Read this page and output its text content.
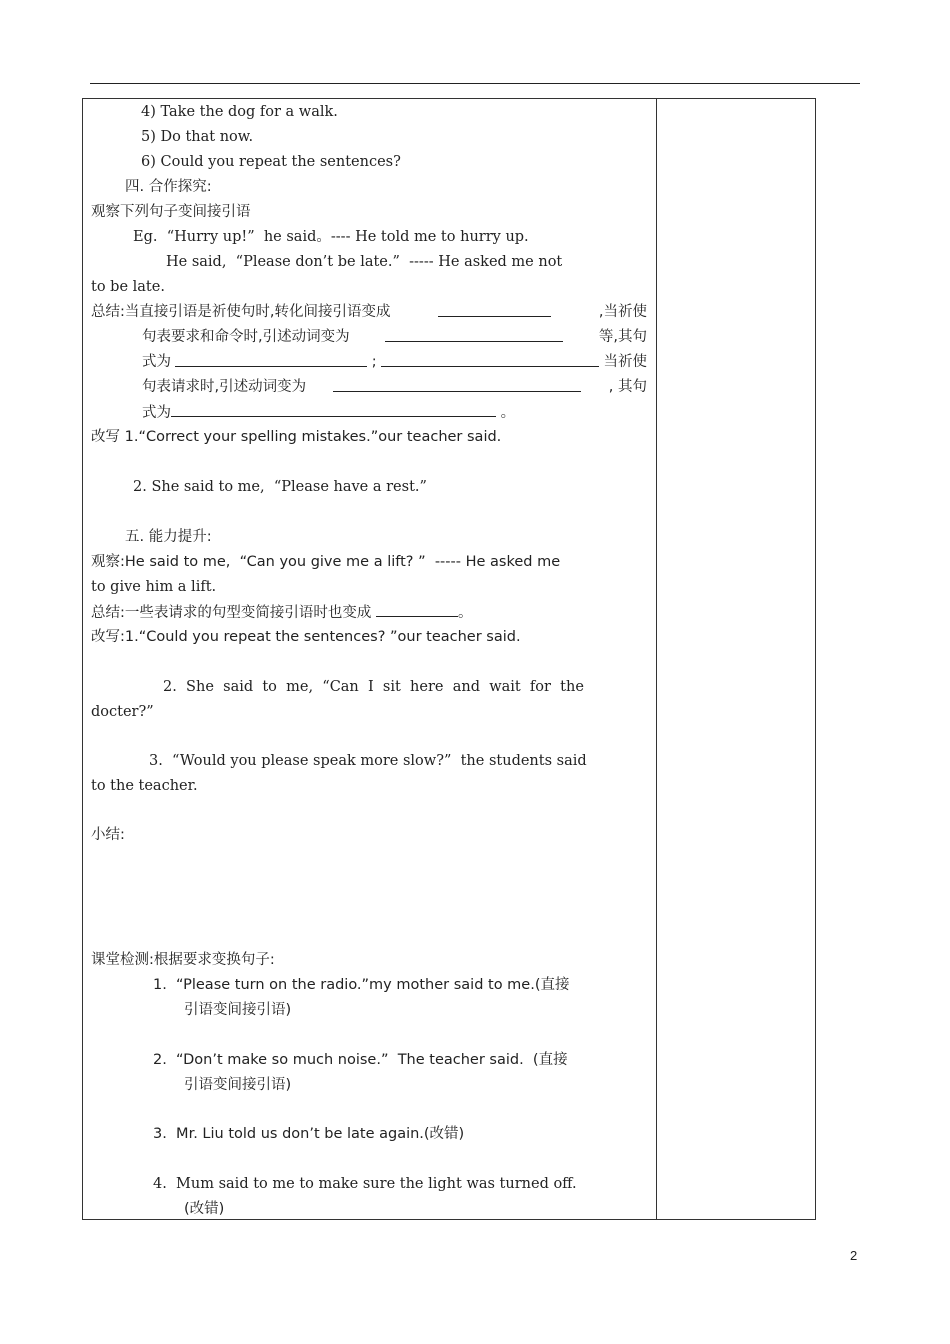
4) Take the dog for a walk.
5) Do that now.
6) Could you repeat the sentences?
四. 合作探究:
观察下列句子变间接引语
Eg.  “Hurry up!”  he said。---- He told me to hurry up.
He said,  “Please don’t be late.”  ----- He asked me not
to be late.
总结:当直接引语是祈使句时,转化间接引语变成	,当祈使
句表要求和命令时,引述动词变为	等,其句
式为	;	当祈使
句表请求时,引述动词变为	, 其句
式为	。
改写 1.“Correct your spelling mistakes.”our teacher said.
2. She said to me,  “Please have a rest.”
五. 能力提升:
观察:He said to me,  “Can you give me a lift? ”  ----- He asked me
to give him a lift.
总结:一些表请求的句型变简接引语时也变成	。
改写:1.“Could you repeat the sentences? ”our teacher said.
2.  She  said  to  me,  “Can  I  sit  here  and  wait  for  the
docter?”
3.  “Would you please speak more slow?”  the students said
to the teacher.
小结:
课堂检测:根据要求变换句子:
1.  “Please turn on the radio.”my mother said to me.(直接
引语变间接引语)
2.  “Don’t make so much noise.”  The teacher said.  (直接
引语变间接引语)
3.  Mr. Liu told us don’t be late again.(改错)
4.  Mum said to me to make sure the light was turned off.
(改错)
2
